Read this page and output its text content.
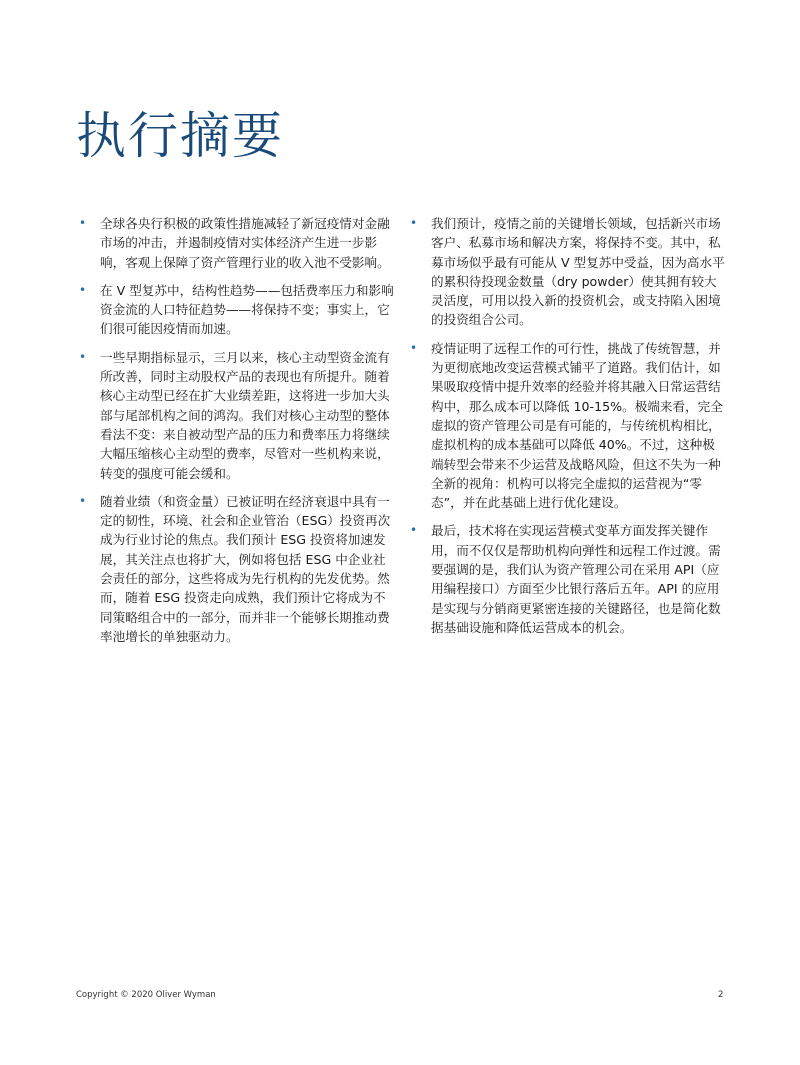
执行摘要
• 全球各央行积极的政策性措施减轻了新冠疫情对金融市场的冲击，并遏制疫情对实体经济产生进一步影响，客观上保障了资产管理行业的收入池不受影响。
• 在 V 型复苏中，结构性趋势——包括费率压力和影响资金流的人口特征趋势——将保持不变；事实上，它们很可能因疫情而加速。
• 一些早期指标显示，三月以来，核心主动型资金流有所改善，同时主动股权产品的表现也有所提升。随着核心主动型已经在扩大业绩差距，这将进一步加大头部与尾部机构之间的鸿沟。我们对核心主动型的整体看法不变：来自被动型产品的压力和费率压力将继续大幅压缩核心主动型的费率，尽管对一些机构来说，转变的强度可能会缓和。
• 随着业绩（和资金量）已被证明在经济衰退中具有一定的韧性，环境、社会和企业管治（ESG）投资再次成为行业讨论的焦点。我们预计 ESG 投资将加速发展，其关注点也将扩大，例如将包括 ESG 中企业社会责任的部分，这些将成为先行机构的先发优势。然而，随着 ESG 投资走向成熟，我们预计它将成为不同策略组合中的一部分，而并非一个能够长期推动费率池增长的单独驱动力。
• 我们预计，疫情之前的关键增长领域，包括新兴市场客户、私募市场和解决方案，将保持不变。其中，私募市场似乎最有可能从 V 型复苏中受益，因为高水平的累积待投现金数量（dry powder）使其拥有较大灵活度，可用以投入新的投资机会，或支持陷入困境的投资组合公司。
• 疫情证明了远程工作的可行性，挑战了传统智慧，并为更彻底地改变运营模式铺平了道路。我们估计，如果吸取疫情中提升效率的经验并将其融入日常运营结构中，那么成本可以降低 10-15%。极端来看，完全虚拟的资产管理公司是有可能的，与传统机构相比，虚拟机构的成本基础可以降低 40%。不过，这种极端转型会带来不少运营及战略风险，但这不失为一种全新的视角：机构可以将完全虚拟的运营视为“零态”，并在此基础上进行优化建设。
• 最后，技术将在实现运营模式变革方面发挥关键作用，而不仅仅是帮助机构向弹性和远程工作过渡。需要强调的是，我们认为资产管理公司在采用 API（应用编程接口）方面至少比银行落后五年。API 的应用是实现与分销商更紧密连接的关键路径，也是简化数据基础设施和降低运营成本的机会。
Copyright © 2020 Oliver Wyman	2
